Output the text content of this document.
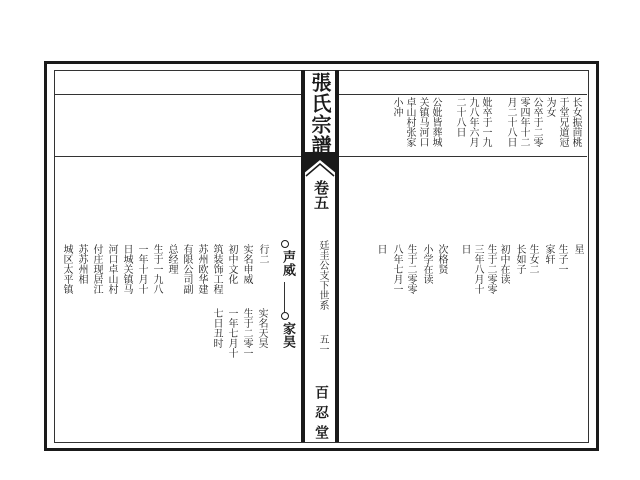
張氏宗譜
卷五
廷圭公支下世系
五一
百忍堂
长女振茴桃
于堂兄道冠
为女
公卒于二零
零四年十二
月二十八日
妣卒于一九
九八年六月
二十八日
公妣皆葬城
关镇马河口
卓山村张家
小冲
星
生子一
家轩
生女二
长如子
初中在读
生于二零零
三年八月十
日
次格贤
小学在读
生于二零零
八年七月一
日
行二 声威
家昊
实名天昊
生于二零一
一年七月十
七日丑时
实名申威
初中文化
筑装饰工程
苏州欧华建
有限公司副
总经理
生于一九八
一年十月十
日城关镇马
河口卓山村
付庄现居江
苏苏州相
城区太平镇
